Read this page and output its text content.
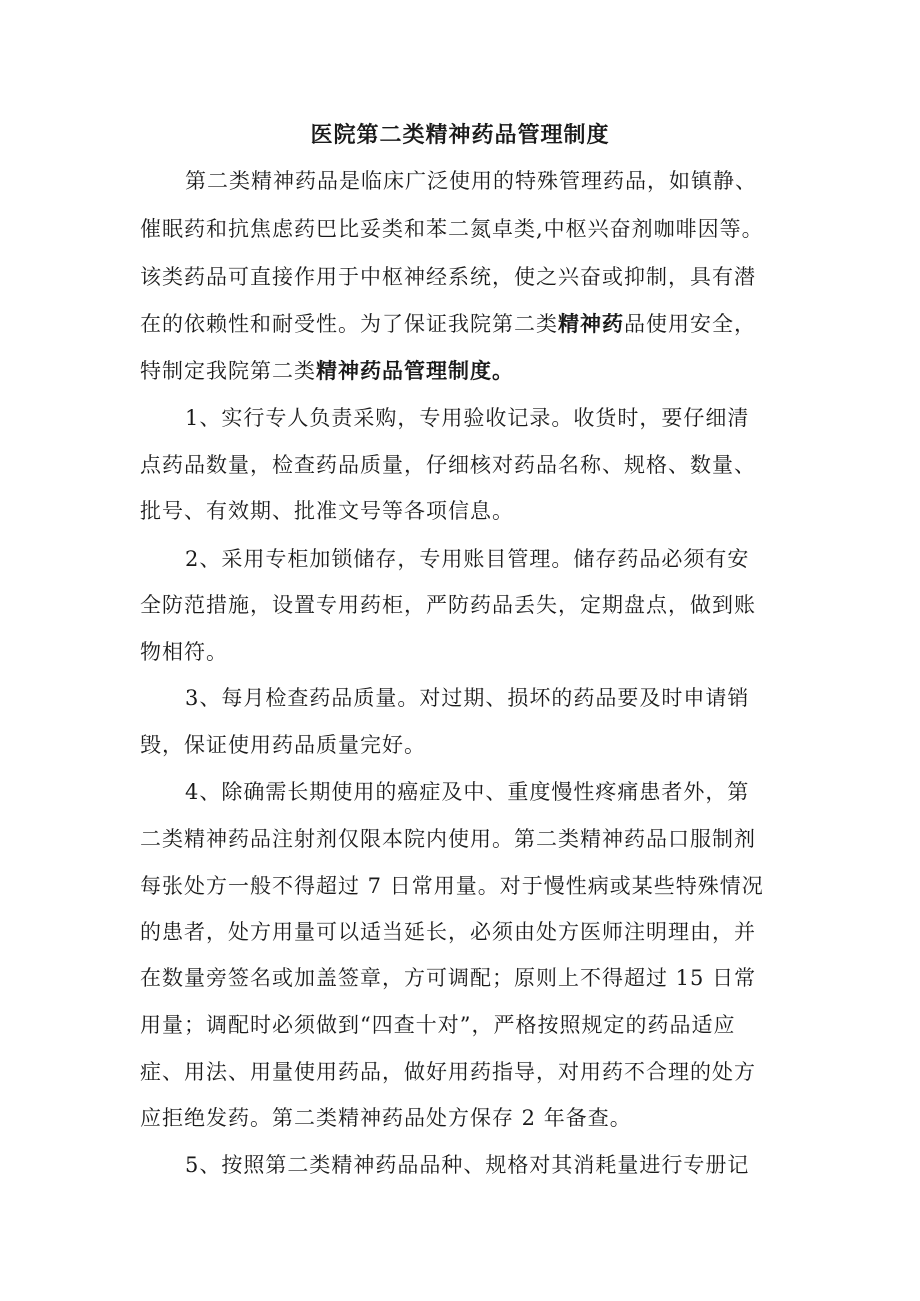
医院第二类精神药品管理制度
第二类精神药品是临床广泛使用的特殊管理药品，如镇静、
催眠药和抗焦虑药巴比妥类和苯二氮卓类,中枢兴奋剂咖啡因等。
该类药品可直接作用于中枢神经系统，使之兴奋或抑制，具有潜
在的依赖性和耐受性。为了保证我院第二类精神药品使用安全，
特制定我院第二类精神药品管理制度。
1、实行专人负责采购，专用验收记录。收货时，要仔细清
点药品数量，检查药品质量，仔细核对药品名称、规格、数量、
批号、有效期、批准文号等各项信息。
2、采用专柜加锁储存，专用账目管理。储存药品必须有安
全防范措施，设置专用药柜，严防药品丢失，定期盘点，做到账
物相符。
3、每月检查药品质量。对过期、损坏的药品要及时申请销
毁，保证使用药品质量完好。
4、除确需长期使用的癌症及中、重度慢性疼痛患者外，第
二类精神药品注射剂仅限本院内使用。第二类精神药品口服制剂
每张处方一般不得超过 7 日常用量。对于慢性病或某些特殊情况
的患者，处方用量可以适当延长，必须由处方医师注明理由，并
在数量旁签名或加盖签章，方可调配；原则上不得超过 15 日常
用量；调配时必须做到“四查十对”，严格按照规定的药品适应
症、用法、用量使用药品，做好用药指导，对用药不合理的处方
应拒绝发药。第二类精神药品处方保存 2 年备查。
5、按照第二类精神药品品种、规格对其消耗量进行专册记
